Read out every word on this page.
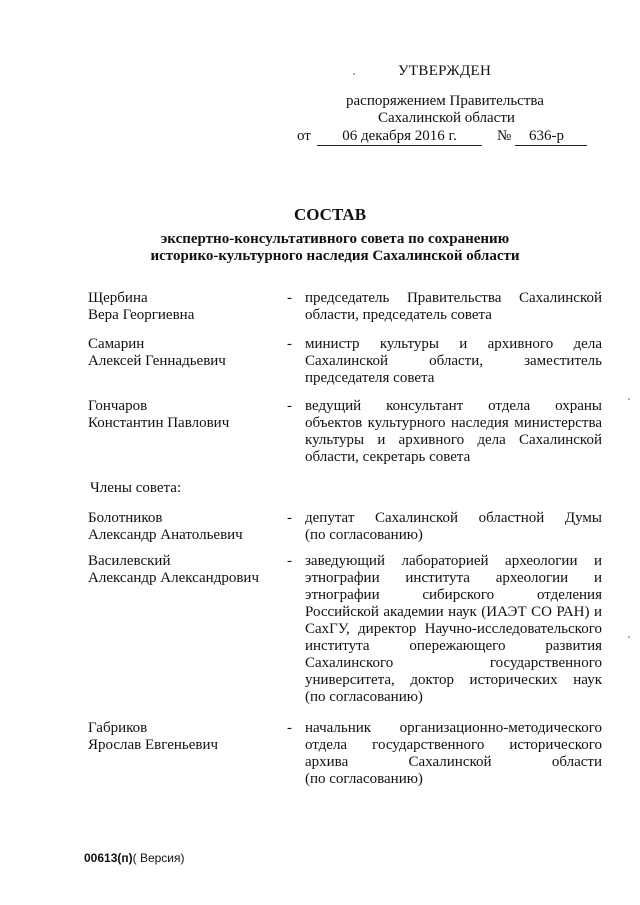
УТВЕРЖДЕН
распоряжением Правительства
Сахалинской области
от	06 декабря 2016 г.	№	636-р
СОСТАВ
экспертно-консультативного совета по сохранению
историко-культурного наследия Сахалинской области
Щербина
Вера Георгиевна
- председатель Правительства Сахалинской
области, председатель совета
Самарин
Алексей Геннадьевич
- министр культуры и архивного дела
Сахалинской области, заместитель
председателя совета
Гончаров
Константин Павлович
- ведущий консультант отдела охраны
объектов культурного наследия министерства
культуры и архивного дела Сахалинской
области, секретарь совета
Члены совета:
Болотников
Александр Анатольевич
- депутат Сахалинской областной Думы
(по согласованию)
Василевский
Александр Александрович
- заведующий лабораторией археологии и
этнографии института археологии и
этнографии сибирского отделения
Российской академии наук (ИАЭТ СО РАН) и
СахГУ, директор Научно-исследовательского
института опережающего развития
Сахалинского государственного
университета, доктор исторических наук
(по согласованию)
Габриков
Ярослав Евгеньевич
- начальник организационно-методического
отдела государственного исторического
архива Сахалинской области
(по согласованию)
00613(п)( Версия)
